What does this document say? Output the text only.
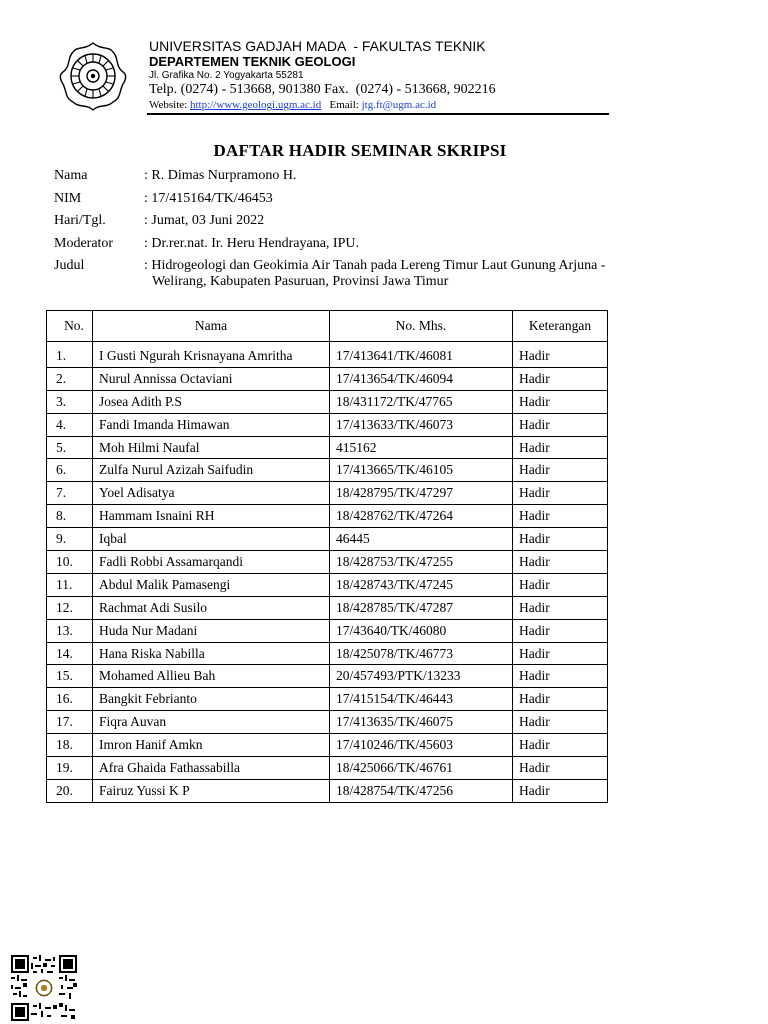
UNIVERSITAS GADJAH MADA  - FAKULTAS TEKNIK
DEPARTEMEN TEKNIK GEOLOGI
Jl. Grafika No. 2 Yogyakarta 55281
Telp. (0274) - 513668, 901380 Fax.  (0274) - 513668, 902216
Website: http://www.geologi.ugm.ac.id Email: jtg.ft@ugm.ac.id
DAFTAR HADIR SEMINAR SKRIPSI
Nama	: R. Dimas Nurpramono H.
NIM	: 17/415164/TK/46453
Hari/Tgl.	: Jumat, 03 Juni 2022
Moderator	: Dr.rer.nat. Ir. Heru Hendrayana, IPU.
Judul	: Hidrogeologi dan Geokimia Air Tanah pada Lereng Timur Laut Gunung Arjuna -
Welirang, Kabupaten Pasuruan, Provinsi Jawa Timur
No.	Nama	No. Mhs.	Keterangan
1.	I Gusti Ngurah Krisnayana Amritha	17/413641/TK/46081	Hadir
2.	Nurul Annissa Octaviani	17/413654/TK/46094	Hadir
3.	Josea Adith P.S	18/431172/TK/47765	Hadir
4.	Fandi Imanda Himawan	17/413633/TK/46073	Hadir
5.	Moh Hilmi Naufal	415162	Hadir
6.	Zulfa Nurul Azizah Saifudin	17/413665/TK/46105	Hadir
7.	Yoel Adisatya	18/428795/TK/47297	Hadir
8.	Hammam Isnaini RH	18/428762/TK/47264	Hadir
9.	Iqbal	46445	Hadir
10.	Fadli Robbi Assamarqandi	18/428753/TK/47255	Hadir
11.	Abdul Malik Pamasengi	18/428743/TK/47245	Hadir
12.	Rachmat Adi Susilo	18/428785/TK/47287	Hadir
13.	Huda Nur Madani	17/43640/TK/46080	Hadir
14.	Hana Riska Nabilla	18/425078/TK/46773	Hadir
15.	Mohamed Allieu Bah	20/457493/PTK/13233	Hadir
16.	Bangkit Febrianto	17/415154/TK/46443	Hadir
17.	Fiqra Auvan	17/413635/TK/46075	Hadir
18.	Imron Hanif Amkn	17/410246/TK/45603	Hadir
19.	Afra Ghaida Fathassabilla	18/425066/TK/46761	Hadir
20.	Fairuz Yussi K P	18/428754/TK/47256	Hadir
